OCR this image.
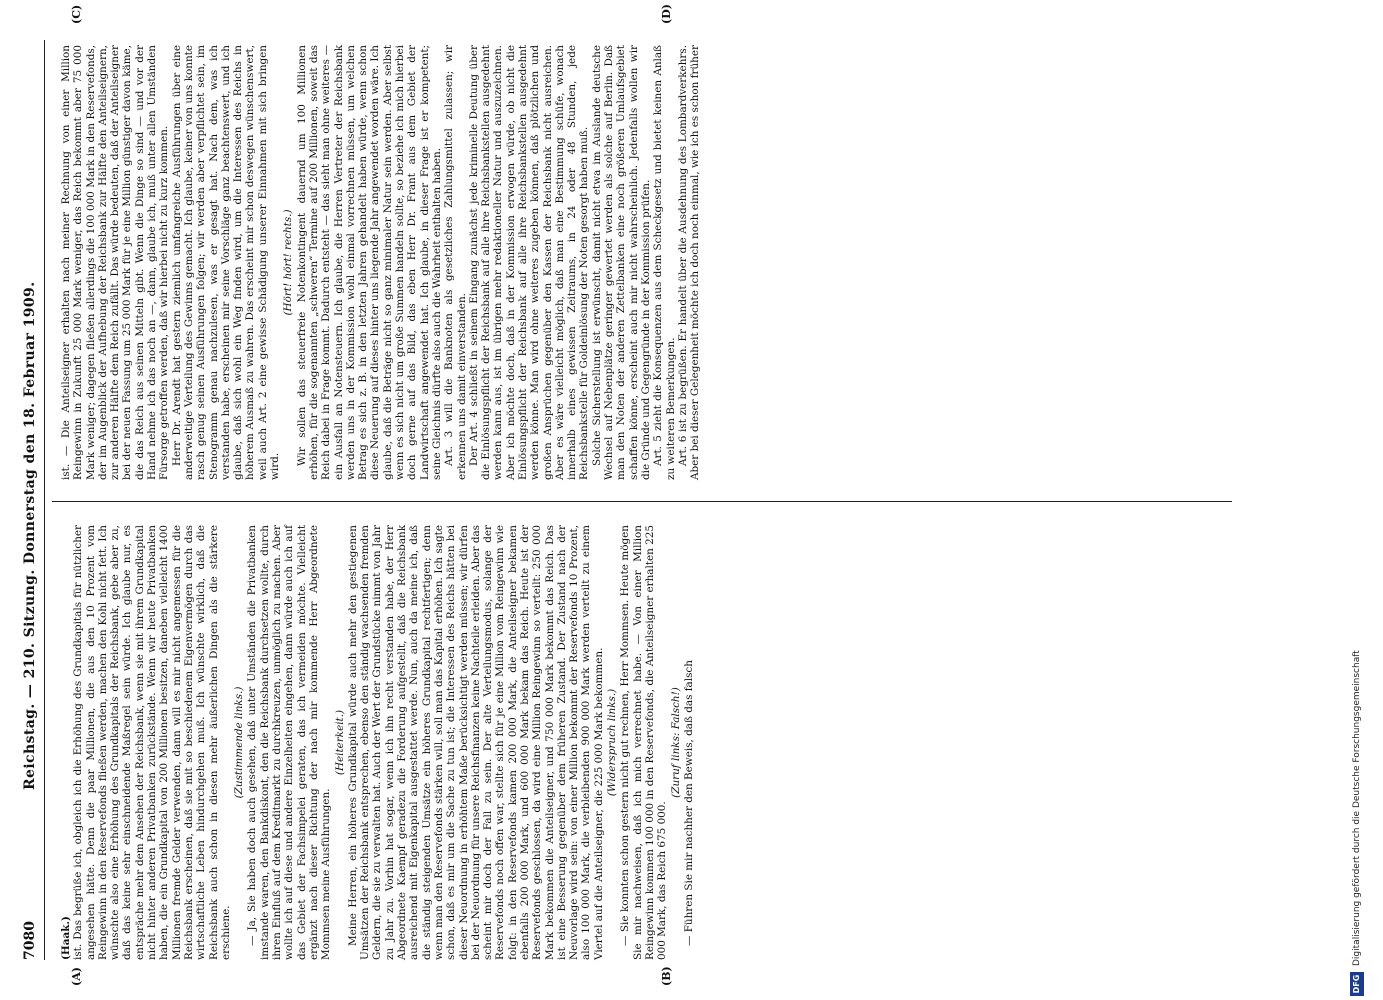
7080
Reichstag. — 210. Sitzung. Donnerstag den 18. Februar 1909.
(A)	(B)
(C)	(D)

(Haak.) ist. Das begrüße ich, obgleich ich die Erhöhung des Grundkapitals für nützlicher angesehen hätte. Denn die paar Millionen, die aus den 10 Prozent vom Reingewinn in den Reservefonds fließen werden, machen den Kohl nicht fett. Ich wünschte also eine Erhöhung des Grundkapitals der Reichsbank, gebe aber zu, daß das keine sehr einschneidende Maßregel sein würde. Ich glaube nur, es entspräche mehr dem Ansehen der Reichsbank, wenn sie mit ihrem Grundkapital nicht hinter anderen Privatbanken zurückstände. Wenn wir heute Privatbanken haben, die ein Grundkapital von 200 Millionen besitzen, daneben vielleicht 1400 Millionen fremde Gelder verwenden, dann will es mir nicht angemessen für die Reichsbank erscheinen, daß sie mit so beschiedenem Eigenvermögen durch das wirtschaftliche Leben hindurchgehen muß. Ich wünschte wirklich, daß die Reichsbank auch schon in diesen mehr äußerlichen Dingen als die stärkere erschiene.

(Zustimmende links.) — Ja, Sie haben doch auch gesehen, daß unter Umständen die Privatbanken imstande waren, den Bankdiskont, den die Reichsbank durchsetzen wollte, durch ihren Einfluß auf dem Kreditmarkt zu durchkreuzen, unmöglich zu machen. Aber wollte ich auf diese und andere Einzelheiten eingehen, dann würde auch ich auf das Gebiet der Fachsimpelei geraten, das ich vermeiden möchte. Vielleicht ergänzt nach dieser Richtung der nach mir kommende Herr Abgeordnete Mommsen meine Ausführungen.

(Heiterkeit.) Meine Herren, ein höheres Grundkapital würde auch mehr den gestiegenen Umsätzen der Reichsbank entsprechen, ebenso den ständig wachsenden fremden Geldern, die sie zu verwalten hat. Auch der Wert der Grundstücke nimmt von Jahr zu Jahr zu. Vorhin hat sogar, wenn ich ihn recht verstanden habe, der Herr Abgeordnete Kaempf geradezu die Forderung aufgestellt, daß die Reichsbank ausreichend mit Eigenkapital ausgestattet werde. Nun, auch da meine ich, daß die ständig steigenden Umsätze ein höheres Grundkapital rechtfertigen; denn wenn man den Reservefonds stärken will, soll man das Kapital erhöhen. Ich sagte schon, daß es mir um die Sache zu tun ist; die Interessen des Reichs hätten bei dieser Neuordnung in erhöhtem Maße berücksichtigt werden müssen; wir dürfen bei der Neuordnung für unsere Reichsfinanzen keine Nachteile erleiden. Aber das scheint mir doch der Fall zu sein. Der alte Verteilungsmodus, solange der Reservefonds noch offen war, stellte sich für je eine Million vom Reingewinn wie folgt: in den Reservefonds kamen 200 000 Mark, die Anteilseigner bekamen ebenfalls 200 000 Mark, und 600 000 Mark bekam das Reich. Heute ist der Reservefonds geschlossen, da wird eine Million Reingewinn so verteilt: 250 000 Mark bekommen die Anteilseigner, und 750 000 Mark bekommt das Reich. Das ist eine Besserung gegenüber dem früheren Zustand. Der Zustand nach der Neuvorlage wird sein: von einer Million bekommt der Reservefonds 10 Prozent, also 100 000 Mark, die verbleibenden 900 000 Mark werden verteilt zu einem Viertel auf die Anteilseigner, die 225 000 Mark bekommen. (Widerspruch links.) — Sie konnten schon gestern nicht gut rechnen, Herr Mommsen. Heute mögen Sie mir nachweisen, daß ich mich verrechnet habe. — Von einer Million Reingewinn kommen 100 000 in den Reservefonds, die Anteilseigner erhalten 225 000 Mark, das Reich 675 000.

(Zuruf links: Falsch!) — Führen Sie mir nachher den Beweis, daß das falsch

ist. — Die Anteilseigner erhalten nach meiner Rechnung von einer Million Reingewinn in Zukunft 25 000 Mark weniger, das Reich bekommt aber 75 000 Mark weniger; dagegen fließen allerdings die 100 000 Mark in den Reservefonds, der im Augenblick der Aufhebung der Reichsbank zur Hälfte den Anteilseignern, zur anderen Hälfte dem Reich zufällt. Das würde bedeuten, daß der Anteilseigner bei der neuen Fassung um 25 000 Mark für je eine Million günstiger davon käme, die das Reich aus seinen Mitteln gibt. Wenn die Dinge so sind — und vor der Hand nehme ich das noch an —, dann, glaube ich, muß unter allen Umständen Fürsorge getroffen werden, daß wir hierbei nicht zu kurz kommen. Herr Dr. Arendt hat gestern ziemlich umfangreiche Ausführungen über eine anderweitige Verteilung des Gewinns gemacht. Ich glaube, keiner von uns konnte rasch genug seinen Ausführungen folgen; wir werden aber verpflichtet sein, im Stenogramm genau nachzulesen, was er gesagt hat. Nach dem, was ich verstanden habe, erscheinen mir seine Vorschläge ganz beachtenswert, und ich glaube, daß sich wohl ein Weg finden wird, um die Interessen des Reichs in höherem Ausmaß zu wahren. Das erscheint mir schon deswegen wünschenswert, weil auch Art. 2 eine gewisse Schädigung unserer Einnahmen mit sich bringen wird.

(Hört! hört! rechts.) Wir sollen das steuerfreie Notenkontingent dauernd um 100 Millionen erhöhen, für die sogenannten „schweren“ Termine auf 200 Millionen, soweit das Reich dabei in Frage kommt. Dadurch entsteht — das sieht man ohne weiteres — ein Ausfall an Notensteuern. Ich glaube, die Herren Vertreter der Reichsbank werden uns in der Kommission wohl einmal vorrechnen müssen, um welchen Betrag es sich z. B. in den letzten Jahren gehandelt haben würde, wenn schon diese Neuerung auf dieses hinter uns liegende Jahr angewendet worden wäre. Ich glaube, daß die Beträge nicht so ganz minimaler Natur sein werden. Aber selbst wenn es sich nicht um große Summen handeln sollte, so beziehe ich mich hierbei doch gerne auf das Bild, das eben Herr Dr. Frant aus dem Gebiet der Landwirtschaft angewendet hat. Ich glaube, in dieser Frage ist er kompetent; seine Gleichnis dürfte also auch die Wahrheit enthalten haben. Art. 3 will die Banknoten als gesetzliches Zahlungsmittel zulassen; wir erkennen uns damit einverstanden. Der Art. 4 schließt in seinem Eingang zunächst jede kriminelle Deutung über die Einlösungspflicht der Reichsbank auf alle ihre Reichsbankstellen ausgedehnt werden kann aus, ist im übrigen mehr redaktioneller Natur und auszuzeichnen. Aber ich möchte doch, daß in der Kommission erwogen würde, ob nicht die Einlösungspflicht der Reichsbank auf alle ihre Reichsbankstellen ausgedehnt werden könne. Man wird ohne weiteres zugeben können, daß plötzlichen und großen Ansprüchen gegenüber den Kassen der Reichsbank nicht ausreichen. Aber es wäre vielleicht möglich, daß man eine Bestimmung schüfe, wonach innerhalb eines gewissen Zeitraums, in 24 oder 48 Stunden, jede Reichsbankstelle für Goldeinlösung der Noten gesorgt haben muß. Solche Sicherstellung ist erwünscht, damit nicht etwa im Auslande deutsche Wechsel auf Nebenplätze geringer gewertet werden als solche auf Berlin. Daß man den Noten der anderen Zettelbanken eine noch größeren Umlaufsgebiet schaffen könne, erscheint auch mir nicht wahrscheinlich. Jedenfalls wollen wir die Gründe und Gegengründe in der Kommission prüfen. Art. 5 zieht die Konsequenzen aus dem Scheckgesetz und bietet keinen Anlaß zu weiteren Bemerkungen. Art. 6 ist zu begrüßen. Er handelt über die Ausdehnung des Lombardverkehrs. Aber bei dieser Gelegenheit möchte ich doch noch einmal, wie ich es schon früher

DFG
Digitalisierung gefördert durch die Deutsche Forschungsgemeinschaft
